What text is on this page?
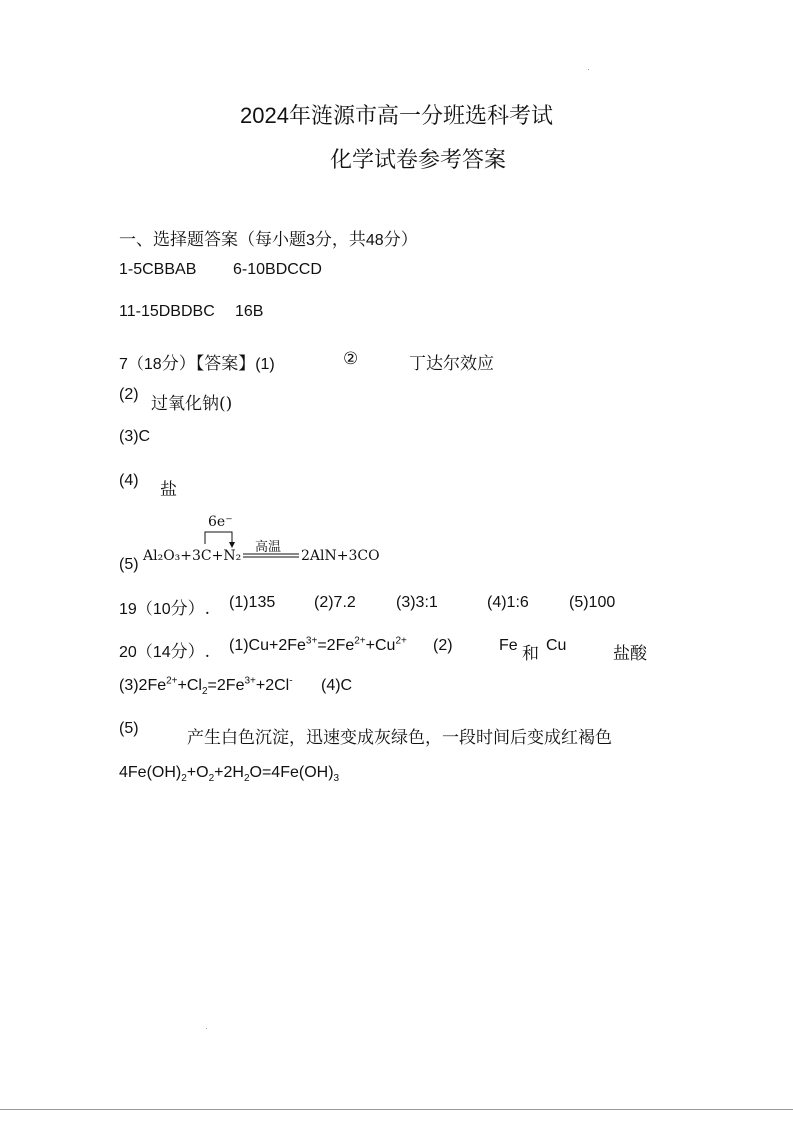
2024年涟源市高一分班选科考试
化学试卷参考答案
一、选择题答案（每小题3分，共48分）
1-5CBBAB 6-10BDCCD
11-15DBDBC 16B
7（18分）【答案】(1)	②	丁达尔效应
(2) 过氧化钠()
(3)C
(4) 盐
(5)
6e⁻
Al₂O₃+3C+N₂
高温
2AlN+3CO
19（10分）. (1)135 (2)7.2	(3)3:1	(4)1:6	(5)100
20（14分）. $(1)Cu+2Fe^{3+}=2Fe^{2+}+Cu^{2+}$ (2)	Fe 和 Cu	盐酸
$(3)2Fe^{2+}+Cl_2=2Fe^{3+}+2Cl^-$ (4)C
(5)	产生白色沉淀，迅速变成灰绿色，一段时间后变成红褐色
$4Fe(OH)_2+O_2+2H_2O=4Fe(OH)_3$
